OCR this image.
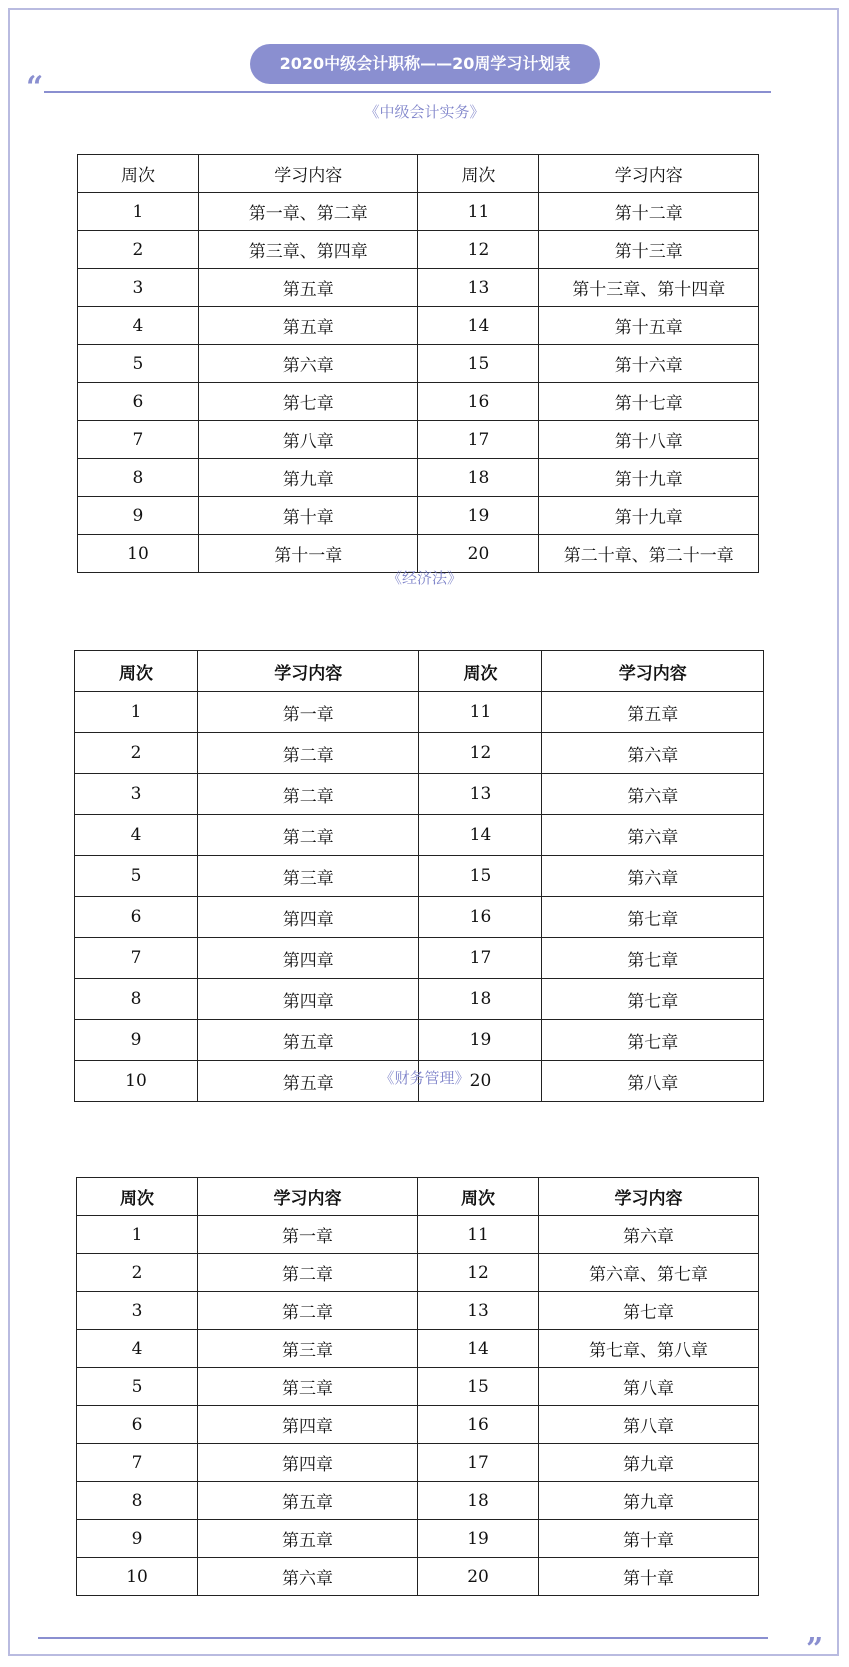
2020中级会计职称——20周学习计划表
“
《中级会计实务》
周次	学习内容	周次	学习内容
1	第一章、第二章	11	第十二章
2	第三章、第四章	12	第十三章
3	第五章	13	第十三章、第十四章
4	第五章	14	第十五章
5	第六章	15	第十六章
6	第七章	16	第十七章
7	第八章	17	第十八章
8	第九章	18	第十九章
9	第十章	19	第十九章
10	第十一章	20	第二十章、第二十一章
《经济法》
周次	学习内容	周次	学习内容
1	第一章	11	第五章
2	第二章	12	第六章
3	第二章	13	第六章
4	第二章	14	第六章
5	第三章	15	第六章
6	第四章	16	第七章
7	第四章	17	第七章
8	第四章	18	第七章
9	第五章	19	第七章
10	第五章	20	第八章
《财务管理》
周次	学习内容	周次	学习内容
1	第一章	11	第六章
2	第二章	12	第六章、第七章
3	第二章	13	第七章
4	第三章	14	第七章、第八章
5	第三章	15	第八章
6	第四章	16	第八章
7	第四章	17	第九章
8	第五章	18	第九章
9	第五章	19	第十章
10	第六章	20	第十章
”
